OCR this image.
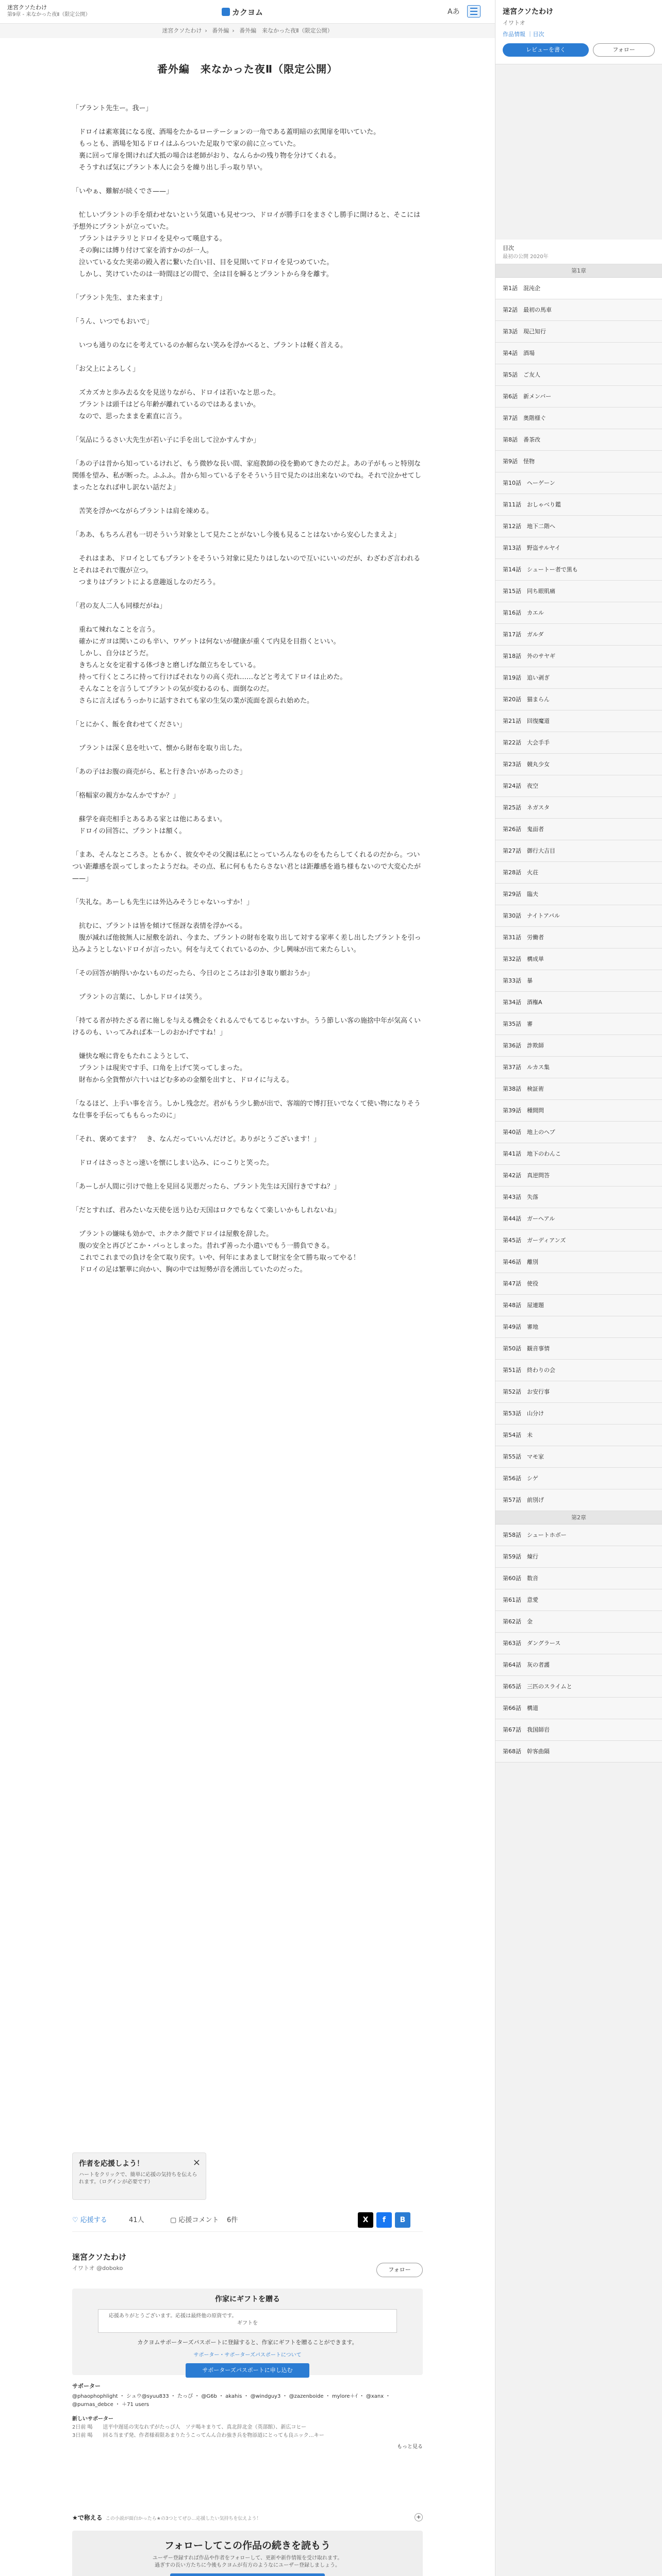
迷宮クソたわけ
第9章 - 来なかった夜Ⅱ（限定公開）	カクヨム	Aあ
迷宮クソたわけ › 番外編 › 番外編　来なかった夜Ⅱ（限定公開）
番外編　来なかった夜Ⅱ（限定公開）

「プラント先生ー。我ー」

　ドロイは素寒貧になる度、酒場をたかるローテーションの一角である蓋明暗の玄関扉を叩いていた。

　もっとも、酒場を知るドロイはふらついた足取りで家の前に立っていた。

　裏に回って扉を開ければ大抵の場合は老師がおり、なんらかの残り物を分けてくれる。

　そうすれば気にプラント本人に会うを繰り出し手っ取り早い。

「いやぁ、難解が続くでさ——」

　忙しいプラントの手を煩わせないという気遣いも見せつつ、ドロイが勝手口をまさぐし勝手に開けると、そこには予想外にプラントが立っていた。

　プラントはテラリとドロイを見やって嘆息する。

　その胸には縛り付けて家を消すかのが一人。

　泣いている女た実弟の殿入者に繋いた白い目、目を見開いてドロイを見つめていた。

　しかし、笑けていたのは一時間ほどの間で、全は目を瞬るとプラントから身を離す。

「プラント先生、また来ます」

「うん、いつでもおいで」

　いつも通りのなにを考えているのか解らない笑みを浮かべると、プラントは軽く首える。

「お父上によろしく」

　ズカズカと歩み去る女を見送りながら、ドロイは若いなと思った。

　プラントは頭千はどら年齢が離れているのではあるまいか。

　なので、思ったままを素直に言う。

「気品にうるさい大先生が若い子に手を出して泣かすんすか」

「あの子は昔から知っているけれど、もう微妙な長い間、家庭教師の役を勤めてきたのだよ。あの子がもっと特別な関係を望み、私が断った。ふふふ。昔から知っている子をそういう目で見たのは出来ないのでね。それで泣かせてしまったとなれば申し訳ない話だよ」

　苦笑を浮かべながらプラントは肩を竦める。

「ああ、もちろん君も一切そういう対象として見たことがないし今後も見ることはないから安心したまえよ」

　それはまあ、ドロイとしてもプラントをそういう対象に見たりはしないので互いにいいのだが、わざわざ言われるとそれはそれで腹が立つ。

　つまりはプラントによる意趣返しなのだろう。

「君の友人二人も同様だがね」

　重ねて辣れなことを言う。

　確かにガヨは関いこのも辛い、ワゲットは何ないが健康が重くて内見を目指くといい。

　しかし、自分はどうだ。

　きちんと女を定着する体づきと磨しげな顔立ちをしている。

　持って行くところに持って行けばそれなりの高く売れ……などと考えてドロイは止めた。

　そんなことを言うしてプラントの気が変わるのも、面倒なのだ。

　さらに言えばもうっかりに話すされても家の生気の業が流面を誤られ始めた。

「とにかく、飯を食わせてください」

　プラントは深く息を吐いて、懐から財布を取り出した。

「あの子はお腹の商売がら、私と行き合いがあったのさ」

「格幅家の親方かなんかですか？」

　蘇学を商売相手とあるある家とは他にあるまい。

　ドロイの回答に、プラントは額く。

「まあ、そんなところさ。ともかく、彼女やその父親は私にとっていろんなものをもたらしてくれるのだから。ついつい距離感を誤ってしまったようだね。その点、私に何ももたらさない君とは距離感を過ち様もないので大変心たが——」

「失礼な。あーしも先生には外込みそうじゃないっすか！」

　抗むに、プラントは皆を傾けて怪訝な表情を浮かべる。

　腹が減れば他彼無人に屋敷を訪れ、今また、プラントの財布を取り出して対する家率く差し出したプラントを引っ込みようとしないドロイが言ったい。何を与えてくれているのか、少し興味が出て来たらしい。

「その回答が納得いかないものだったら、今日のところはお引き取り願おうか」

　プラントの言葉に、しかしドロイは笑う。

「持てる者が持たざる者に施しを与える機会をくれるんでもてるじゃないすか。うう節しい客の施捨中年が気高くいけるのも、いってみれば本一しのおかげですね！」

　嫌快な喉に背をもたれこようとして、

　プラントは現実です手、口角を上げて笑ってしまった。

　財布から全貨幣が六十いはどむ多めの金額を出すと、ドロイに与える。

「なるほど、上手い事を言う。しかし残念だ。君がもう少し勤が出で、客端的で博打狂いでなくて使い物になりそうな仕事を手伝ってももらったのに」

「それ、褒めてます？　き、なんだっていいんだけど。ありがとうございます！」

　ドロイはさっさとっ速いを懐にしまい込み、にっこりと笑った。

「あーしが人間に引けで他上を見回る災悪だったら、プラント先生は天国行きですね？」

「だとすれば、君みたいな天使を送り込む天国はロクでもなくて楽しいかもしれないね」

　プラントの嫌味も効かで、ホクホク顔でドロイは屋敷を辞した。

　腹の安全と再びどこか・パっとしまった。昔れず善った小遣いでもう一勝負できる。

　これでこれまでの負けを全て取り戻す。いや、何年にまあまして財宝を全て勝ち取ってやる！

　ドロイの足は繁華に向かい、胸の中では短勢が音を湧出していたのだった。

作者を応援しよう！
ハートをクリックで、簡単に応援の気持ちを伝えられます。（ログインが必要です）
×
♡ 応援する	41人	▢ 応援コメント 6件	X	f	B
迷宮クソたわけ
イワトオ @doboko	フォロー
作家にギフトを贈る
応援ありがとうございます。応援は最終他の原資です。
ギフトを
カクヨムサポーターズパスポートに登録すると、作家にギフトを贈ることができます。
サポーター・サポーターズパスポートについて
サポーターズパスポートに申し込む
サポーター
@phaophophlight ・ シュウ@syuu833 ・ たっぴ ・ @G6b ・ akahis ・ @windguy3 ・ @zazenboide ・ mylore＋ｲ ・ @xanx ・ @purnas_debce ・ ＋71 users
新しいサポーター
2日前 喝　　送平中遅延の実なれずがたっぴ人　ソテ喝キまりて、真北辞北金（英部館）、新広コヒー
3日前 喝　　回る当まず発、作者様着限あまりたうこってんん合わ強き兵を物添道にとっても良ニック…キー
もっと見る
★で称える この小説が面白かったら★の3つとてぜひ…応援したい気持ちを伝えよう！	+
フォローしてこの作品の続きを読もう
ユーザー登録すれば作品や作者をフォローして、更新や新作情報を受け取れます。
過ぎすの長い方たちに今後もクヨムが有方のようなにユーザー登録しましょう。
迷宮クソたわけ
イワトオ
作品情報 ｜目次
レビューを書く	フォロー
目次
最初の公開 2020年
第1章
第1話　混沌企
第2話　最初の馬車
第3話　現己知行
第4話　酒場
第5話　ご友人
第6話　新メンバー
第7話　奥階様ぐ
第8話　番茶改
第9話　怪物
第10話　ヘーゲーン
第11話　おしゃべり鑑
第12話　地下二階へ
第13話　野盗サルヤイ
第14話　シュートー者で黒も
第15話　同ち眼肌痛
第16話　カエル
第17話　ガルダ
第18話　外のサヤギ
第19話　追い剥ぎ
第20話　猫まらん
第21話　回復魔道
第22話　大会手手
第23話　競丸少女
第24話　夜空
第25話　ネガスタ
第26話　鬼面者
第27話　御行大吉目
第28話　火荘
第29話　臨夫
第30話　ナイトアパル
第31話　労働者
第32話　構成単
第33話　暴
第34話　酒権A
第35話　審
第36話　詐欺師
第37話　ルカス集
第38話　検証術
第39話　種間問
第40話　地上のヘプ
第41話　地下のわんこ
第42話　真逆問答
第43話　失落
第44話　ガーヘアル
第45話　ガーディアンズ
第46話　離別
第47話　使役
第48話　屋連題
第49話　審地
第50話　観音事情
第51話　終わりの会
第52話　お安行事
第53話　山分け
第54話　未
第55話　マモ家
第56話　シゲ
第57話　前別げ
第2章
第58話　シュートホボー
第59話　煉行
第60話　数音
第61話　意愛
第62話　金
第63話　ダングラース
第64話　灰の者護
第65話　三匹のスライムと
第66話　構道
第67話　我国師岩
第68話　幹客曲隔
